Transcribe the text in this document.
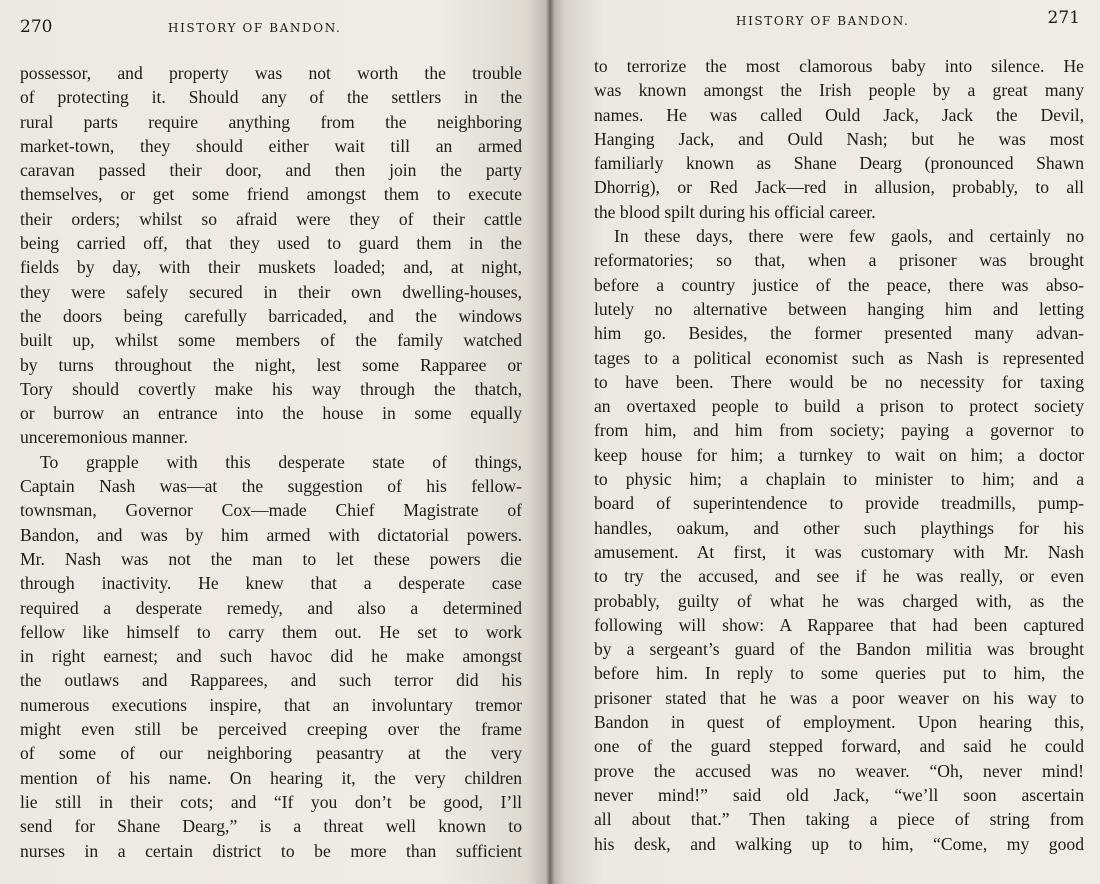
270	HISTORY OF BANDON.
possessor, and property was not worth the trouble
of protecting it. Should any of the settlers in the
rural parts require anything from the neighboring
market-town, they should either wait till an armed
caravan passed their door, and then join the party
themselves, or get some friend amongst them to execute
their orders; whilst so afraid were they of their cattle
being carried off, that they used to guard them in the
fields by day, with their muskets loaded; and, at night,
they were safely secured in their own dwelling-houses,
the doors being carefully barricaded, and the windows
built up, whilst some members of the family watched
by turns throughout the night, lest some Rapparee or
Tory should covertly make his way through the thatch,
or burrow an entrance into the house in some equally
unceremonious manner.
To grapple with this desperate state of things,
Captain Nash was—at the suggestion of his fellow-
townsman, Governor Cox—made Chief Magistrate of
Bandon, and was by him armed with dictatorial powers.
Mr. Nash was not the man to let these powers die
through inactivity. He knew that a desperate case
required a desperate remedy, and also a determined
fellow like himself to carry them out. He set to work
in right earnest; and such havoc did he make amongst
the outlaws and Rapparees, and such terror did his
numerous executions inspire, that an involuntary tremor
might even still be perceived creeping over the frame
of some of our neighboring peasantry at the very
mention of his name. On hearing it, the very children
lie still in their cots; and “If you don’t be good, I’ll
send for Shane Dearg,” is a threat well known to
nurses in a certain district to be more than sufficient
HISTORY OF BANDON.	271
to terrorize the most clamorous baby into silence. He
was known amongst the Irish people by a great many
names. He was called Ould Jack, Jack the Devil,
Hanging Jack, and Ould Nash; but he was most
familiarly known as Shane Dearg (pronounced Shawn
Dhorrig), or Red Jack—red in allusion, probably, to all
the blood spilt during his official career.
In these days, there were few gaols, and certainly no
reformatories; so that, when a prisoner was brought
before a country justice of the peace, there was abso-
lutely no alternative between hanging him and letting
him go. Besides, the former presented many advan-
tages to a political economist such as Nash is represented
to have been. There would be no necessity for taxing
an overtaxed people to build a prison to protect society
from him, and him from society; paying a governor to
keep house for him; a turnkey to wait on him; a doctor
to physic him; a chaplain to minister to him; and a
board of superintendence to provide treadmills, pump-
handles, oakum, and other such playthings for his
amusement. At first, it was customary with Mr. Nash
to try the accused, and see if he was really, or even
probably, guilty of what he was charged with, as the
following will show: A Rapparee that had been captured
by a sergeant’s guard of the Bandon militia was brought
before him. In reply to some queries put to him, the
prisoner stated that he was a poor weaver on his way to
Bandon in quest of employment. Upon hearing this,
one of the guard stepped forward, and said he could
prove the accused was no weaver. “Oh, never mind!
never mind!” said old Jack, “we’ll soon ascertain
all about that.” Then taking a piece of string from
his desk, and walking up to him, “Come, my good
